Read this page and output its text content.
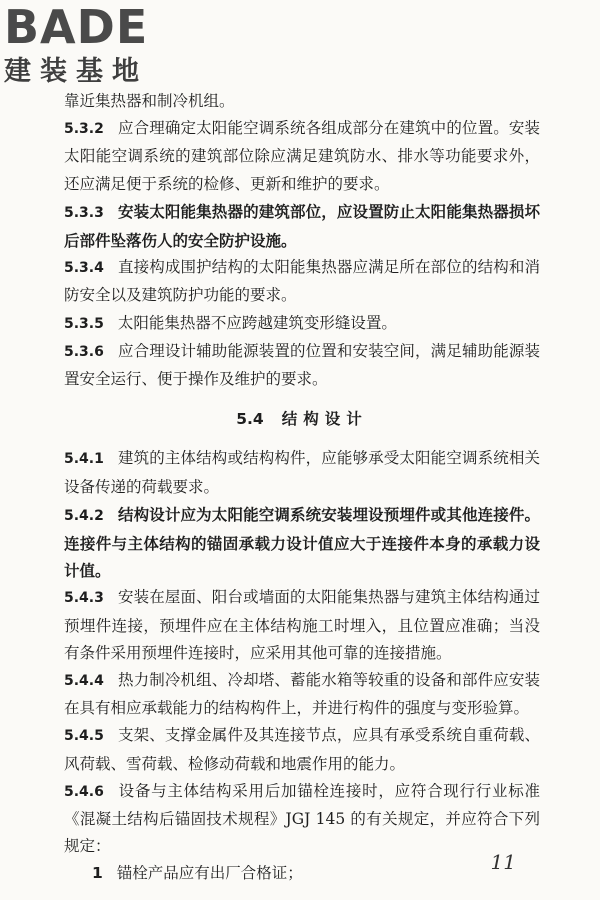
BADE
建装基地

靠近集热器和制冷机组。

5.3.2 应合理确定太阳能空调系统各组成部分在建筑中的位置。安装太阳能空调系统的建筑部位除应满足建筑防水、排水等功能要求外，还应满足便于系统的检修、更新和维护的要求。

5.3.3 安装太阳能集热器的建筑部位，应设置防止太阳能集热器损坏后部件坠落伤人的安全防护设施。

5.3.4 直接构成围护结构的太阳能集热器应满足所在部位的结构和消防安全以及建筑防护功能的要求。

5.3.5 太阳能集热器不应跨越建筑变形缝设置。

5.3.6 应合理设计辅助能源装置的位置和安装空间，满足辅助能源装置安全运行、便于操作及维护的要求。

5.4 结构设计

5.4.1 建筑的主体结构或结构构件，应能够承受太阳能空调系统相关设备传递的荷载要求。

5.4.2 结构设计应为太阳能空调系统安装埋设预埋件或其他连接件。连接件与主体结构的锚固承载力设计值应大于连接件本身的承载力设计值。

5.4.3 安装在屋面、阳台或墙面的太阳能集热器与建筑主体结构通过预埋件连接，预埋件应在主体结构施工时埋入，且位置应准确；当没有条件采用预埋件连接时，应采用其他可靠的连接措施。

5.4.4 热力制冷机组、冷却塔、蓄能水箱等较重的设备和部件应安装在具有相应承载能力的结构构件上，并进行构件的强度与变形验算。

5.4.5 支架、支撑金属件及其连接节点，应具有承受系统自重荷载、风荷载、雪荷载、检修动荷载和地震作用的能力。

5.4.6 设备与主体结构采用后加锚栓连接时，应符合现行行业标准《混凝土结构后锚固技术规程》JGJ 145 的有关规定，并应符合下列规定：

1 锚栓产品应有出厂合格证；	11
